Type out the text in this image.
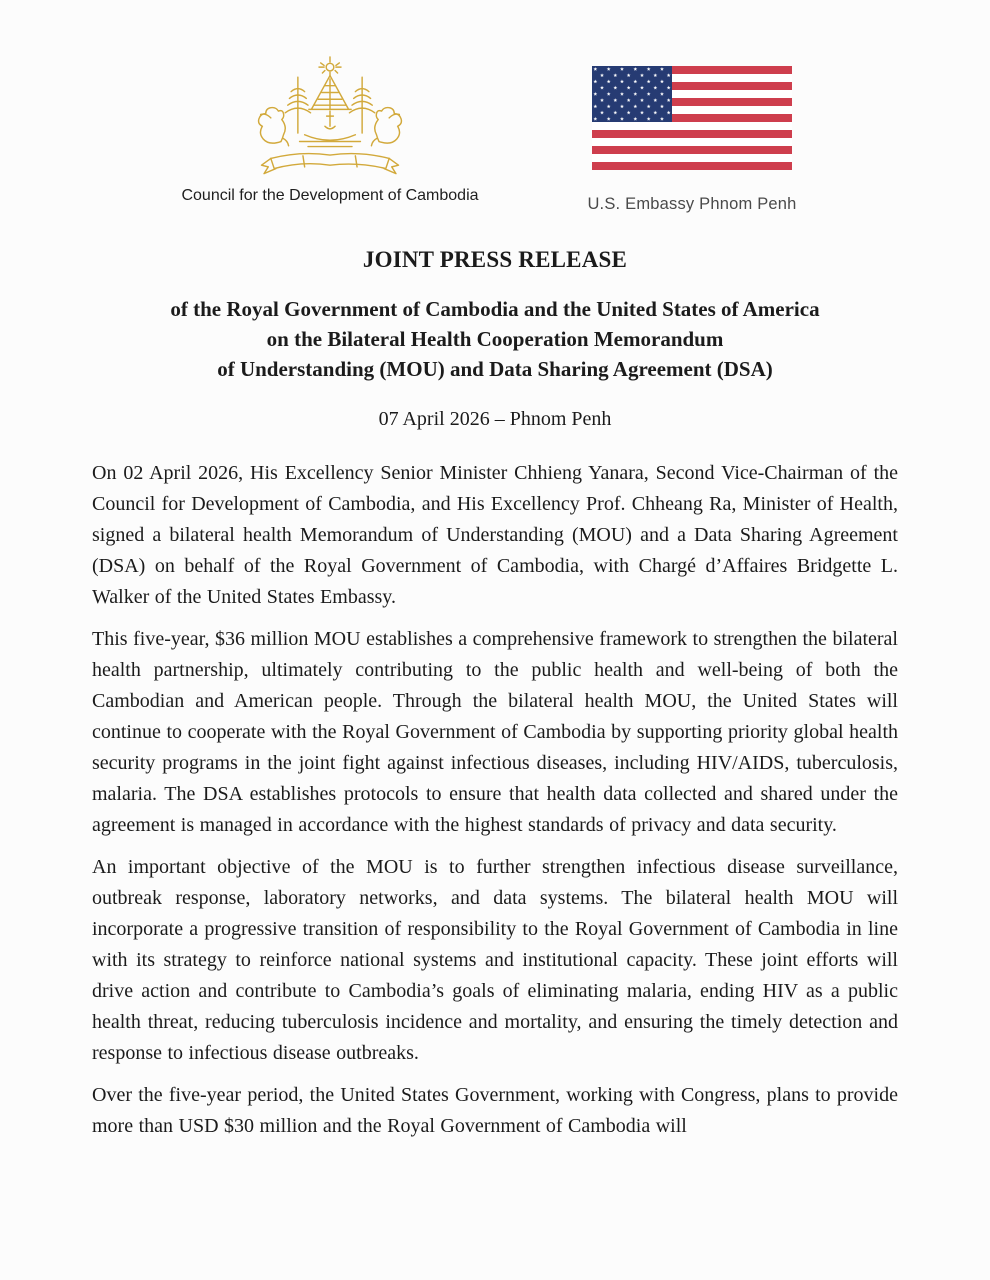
Council for the Development of Cambodia	U.S. Embassy Phnom Penh
JOINT PRESS RELEASE
of the Royal Government of Cambodia and the United States of America
on the Bilateral Health Cooperation Memorandum
of Understanding (MOU) and Data Sharing Agreement (DSA)
07 April 2026 – Phnom Penh

On 02 April 2026, His Excellency Senior Minister Chhieng Yanara, Second Vice-Chairman of the Council for Development of Cambodia, and His Excellency Prof. Chheang Ra, Minister of Health, signed a bilateral health Memorandum of Understanding (MOU) and a Data Sharing Agreement (DSA) on behalf of the Royal Government of Cambodia, with Chargé d’Affaires Bridgette L. Walker of the United States Embassy.

This five-year, $36 million MOU establishes a comprehensive framework to strengthen the bilateral health partnership, ultimately contributing to the public health and well-being of both the Cambodian and American people. Through the bilateral health MOU, the United States will continue to cooperate with the Royal Government of Cambodia by supporting priority global health security programs in the joint fight against infectious diseases, including HIV/AIDS, tuberculosis, malaria. The DSA establishes protocols to ensure that health data collected and shared under the agreement is managed in accordance with the highest standards of privacy and data security.

An important objective of the MOU is to further strengthen infectious disease surveillance, outbreak response, laboratory networks, and data systems. The bilateral health MOU will incorporate a progressive transition of responsibility to the Royal Government of Cambodia in line with its strategy to reinforce national systems and institutional capacity. These joint efforts will drive action and contribute to Cambodia’s goals of eliminating malaria, ending HIV as a public health threat, reducing tuberculosis incidence and mortality, and ensuring the timely detection and response to infectious disease outbreaks.

Over the five-year period, the United States Government, working with Congress, plans to provide more than USD $30 million and the Royal Government of Cambodia will
